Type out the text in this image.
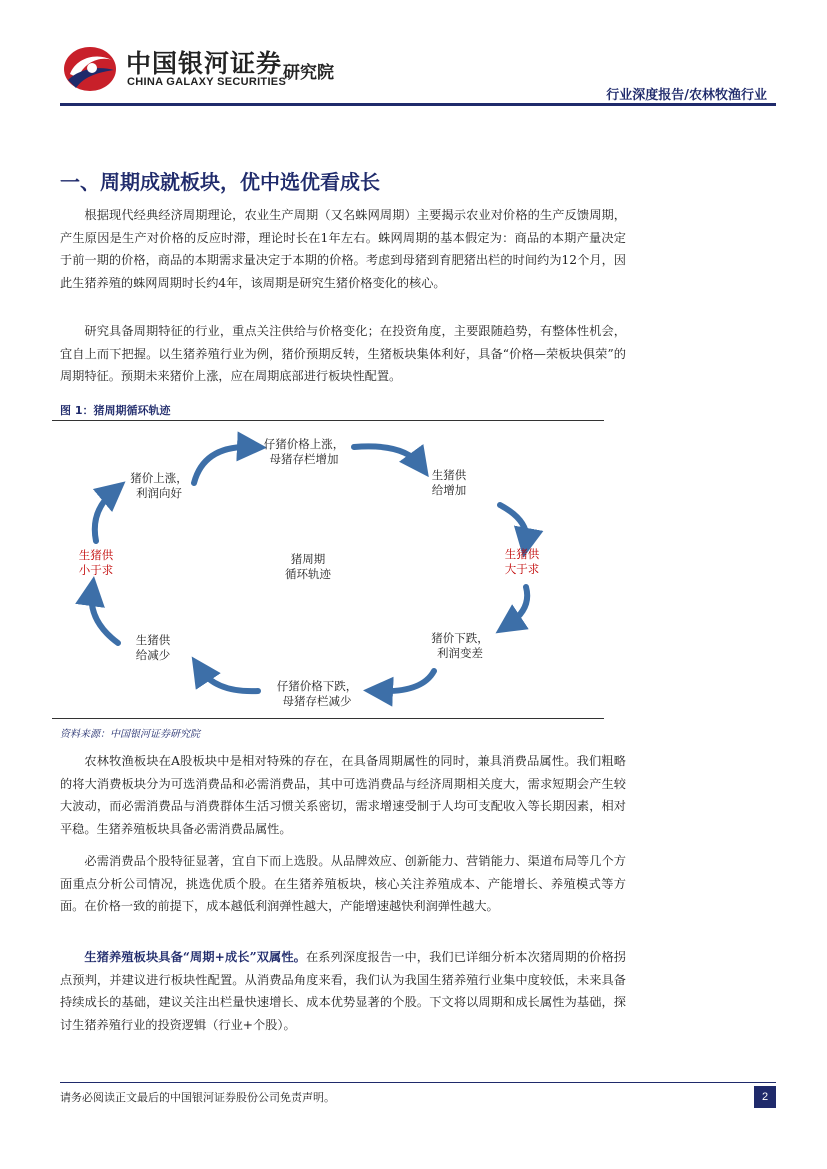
中国银河证券
CHINA GALAXY SECURITIES
研究院
行业深度报告/农林牧渔行业
一、周期成就板块，优中选优看成长

根据现代经典经济周期理论，农业生产周期（又名蛛网周期）主要揭示农业对价格的生产反馈周期，产生原因是生产对价格的反应时滞，理论时长在1年左右。蛛网周期的基本假定为：商品的本期产量决定于前一期的价格，商品的本期需求量决定于本期的价格。考虑到母猪到育肥猪出栏的时间约为12个月，因此生猪养殖的蛛网周期时长约4年，该周期是研究生猪价格变化的核心。

研究具备周期特征的行业，重点关注供给与价格变化；在投资角度，主要跟随趋势，有整体性机会，宜自上而下把握。以生猪养殖行业为例，猪价预期反转，生猪板块集体利好，具备“价格—荣板块俱荣”的周期特征。预期未来猪价上涨，应在周期底部进行板块性配置。

图 1：猪周期循环轨迹
仔猪价格上涨，
母猪存栏增加
生猪供
给增加
生猪供
大于求
猪价下跌，
利润变差
仔猪价格下跌，
母猪存栏减少
生猪供
给减少
生猪供
小于求
猪价上涨，
利润向好
猪周期
循环轨迹
资料来源：中国银河证券研究院

农林牧渔板块在A股板块中是相对特殊的存在，在具备周期属性的同时，兼具消费品属性。我们粗略的将大消费板块分为可选消费品和必需消费品，其中可选消费品与经济周期相关度大，需求短期会产生较大波动，而必需消费品与消费群体生活习惯关系密切，需求增速受制于人均可支配收入等长期因素，相对平稳。生猪养殖板块具备必需消费品属性。

必需消费品个股特征显著，宜自下而上选股。从品牌效应、创新能力、营销能力、渠道布局等几个方面重点分析公司情况，挑选优质个股。在生猪养殖板块，核心关注养殖成本、产能增长、养殖模式等方面。在价格一致的前提下，成本越低利润弹性越大，产能增速越快利润弹性越大。

生猪养殖板块具备“周期+成长”双属性。在系列深度报告一中，我们已详细分析本次猪周期的价格拐点预判，并建议进行板块性配置。从消费品角度来看，我们认为我国生猪养殖行业集中度较低，未来具备持续成长的基础，建议关注出栏量快速增长、成本优势显著的个股。下文将以周期和成长属性为基础，探讨生猪养殖行业的投资逻辑（行业+个股）。

请务必阅读正文最后的中国银河证券股份公司免责声明。	2
